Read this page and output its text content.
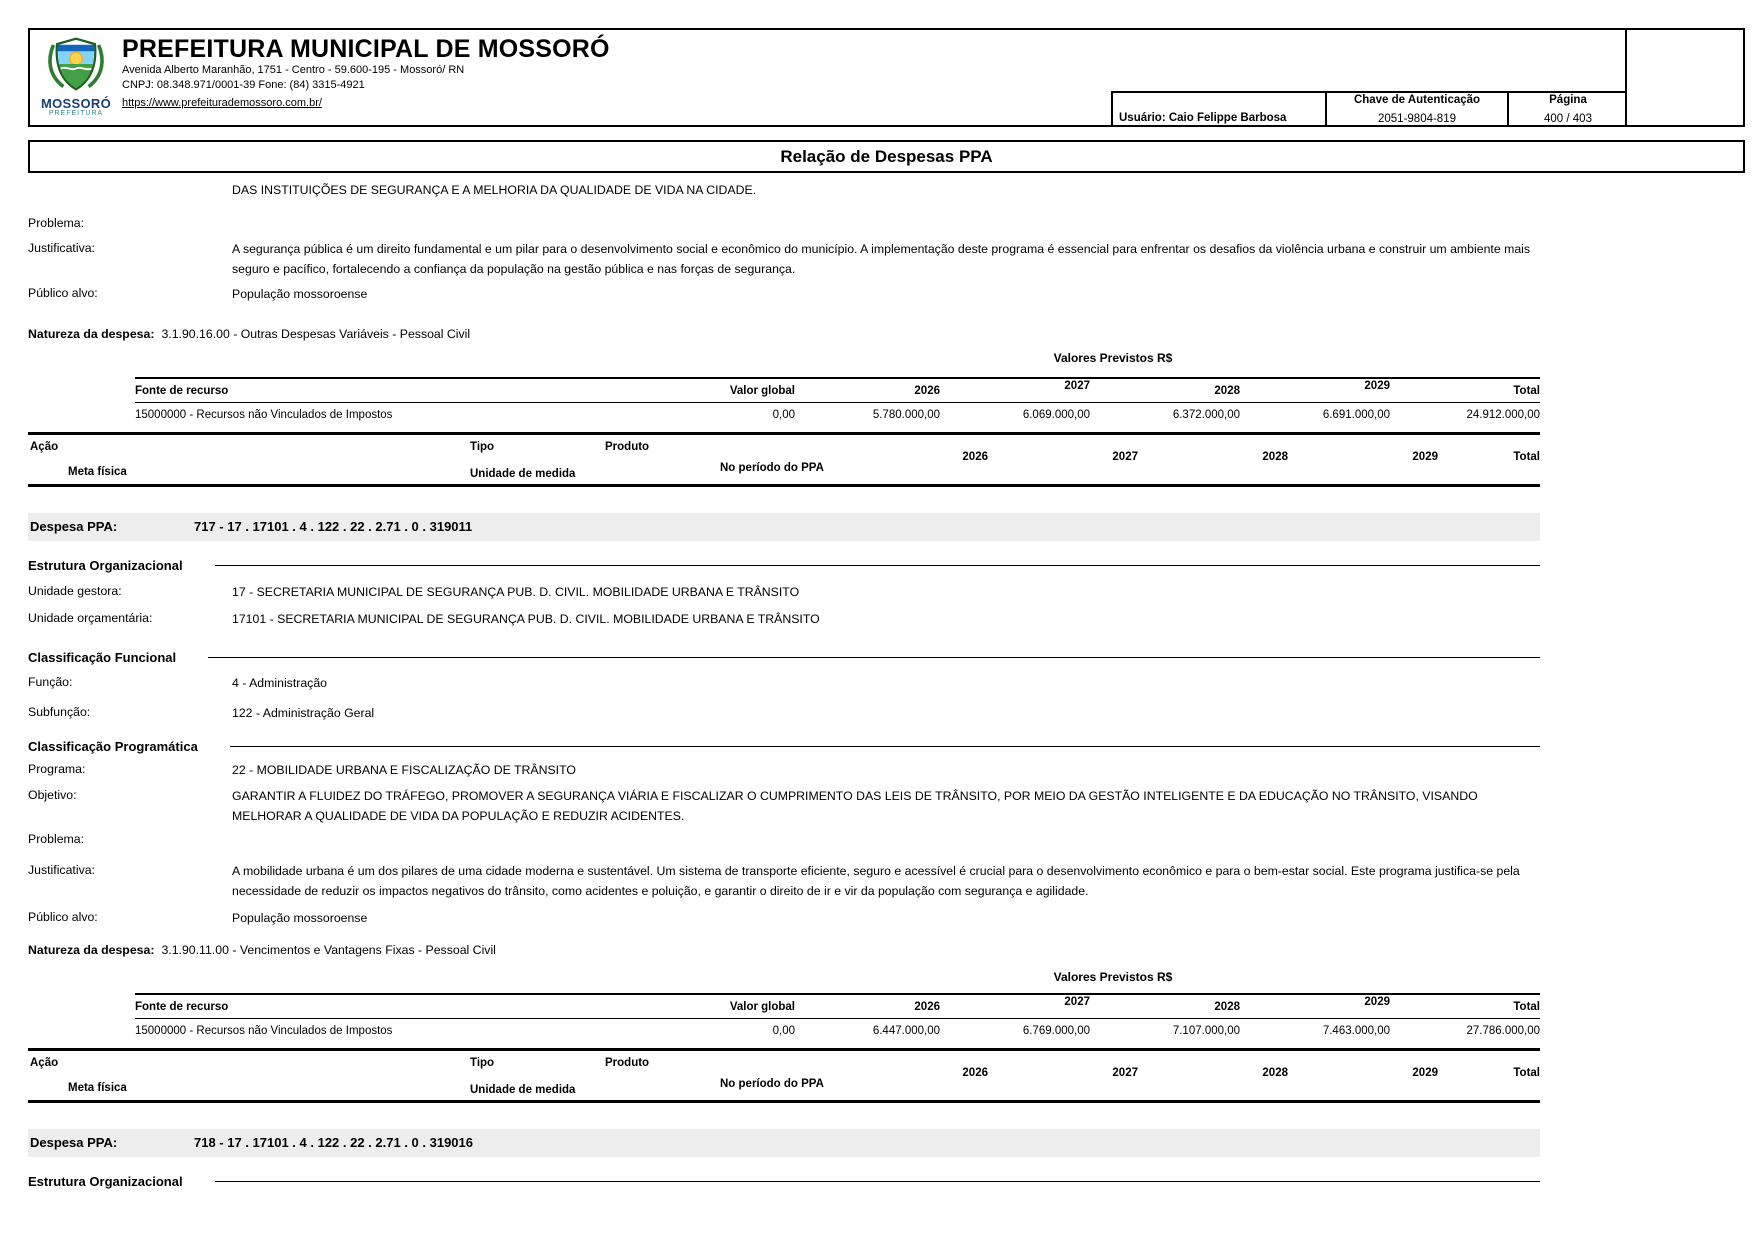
MOSSORÓ
PREFEITURA
PREFEITURA MUNICIPAL DE MOSSORÓ
Avenida Alberto Maranhão, 1751 - Centro - 59.600-195 - Mossoró/ RN
CNPJ: 08.348.971/0001-39 Fone: (84) 3315-4921
https://www.prefeiturademossoro.com.br/
Usuário: Caio Felippe Barbosa
Chave de Autenticação
2051-9804-819
Página
400 / 403
Relação de Despesas PPA
DAS INSTITUIÇÕES DE SEGURANÇA E A MELHORIA DA QUALIDADE DE VIDA NA CIDADE.
Problema:
Justificativa:	A segurança pública é um direito fundamental e um pilar para o desenvolvimento social e econômico do município. A implementação deste programa é essencial para enfrentar os desafios da violência urbana e construir um ambiente mais seguro e pacífico, fortalecendo a confiança da população na gestão pública e nas forças de segurança.
Público alvo:	População mossoroense
Natureza da despesa: 3.1.90.16.00 - Outras Despesas Variáveis - Pessoal Civil
Valores Previstos R$
Fonte de recurso	Valor global	2026	2027	2028	2029	Total
15000000 - Recursos não Vinculados de Impostos	0,00	5.780.000,00	6.069.000,00	6.372.000,00	6.691.000,00	24.912.000,00
Ação	Tipo	Produto
Meta física	Unidade de medida	No período do PPA
2026	2027	2028	2029	Total
Despesa PPA:	717 - 17 . 17101 . 4 . 122 . 22 . 2.71 . 0 . 319011
Estrutura Organizacional
Unidade gestora:	17 - SECRETARIA MUNICIPAL DE SEGURANÇA PUB. D. CIVIL. MOBILIDADE URBANA E TRÂNSITO
Unidade orçamentária:	17101 - SECRETARIA MUNICIPAL DE SEGURANÇA PUB. D. CIVIL. MOBILIDADE URBANA E TRÂNSITO
Classificação Funcional
Função:	4 - Administração
Subfunção:	122 - Administração Geral
Classificação Programática
Programa:	22 - MOBILIDADE URBANA E FISCALIZAÇÃO DE TRÂNSITO
Objetivo:	GARANTIR A FLUIDEZ DO TRÁFEGO, PROMOVER A SEGURANÇA VIÁRIA E FISCALIZAR O CUMPRIMENTO DAS LEIS DE TRÂNSITO, POR MEIO DA GESTÃO INTELIGENTE E DA EDUCAÇÃO NO TRÂNSITO, VISANDO MELHORAR A QUALIDADE DE VIDA DA POPULAÇÃO E REDUZIR ACIDENTES.
Problema:
Justificativa:	A mobilidade urbana é um dos pilares de uma cidade moderna e sustentável. Um sistema de transporte eficiente, seguro e acessível é crucial para o desenvolvimento econômico e para o bem-estar social. Este programa justifica-se pela necessidade de reduzir os impactos negativos do trânsito, como acidentes e poluição, e garantir o direito de ir e vir da população com segurança e agilidade.
Público alvo:	População mossoroense
Natureza da despesa: 3.1.90.11.00 - Vencimentos e Vantagens Fixas - Pessoal Civil
Valores Previstos R$
Fonte de recurso	Valor global	2026	2027	2028	2029	Total
15000000 - Recursos não Vinculados de Impostos	0,00	6.447.000,00	6.769.000,00	7.107.000,00	7.463.000,00	27.786.000,00
Ação	Tipo	Produto
Meta física	Unidade de medida	No período do PPA
2026	2027	2028	2029	Total
Despesa PPA:	718 - 17 . 17101 . 4 . 122 . 22 . 2.71 . 0 . 319016
Estrutura Organizacional
